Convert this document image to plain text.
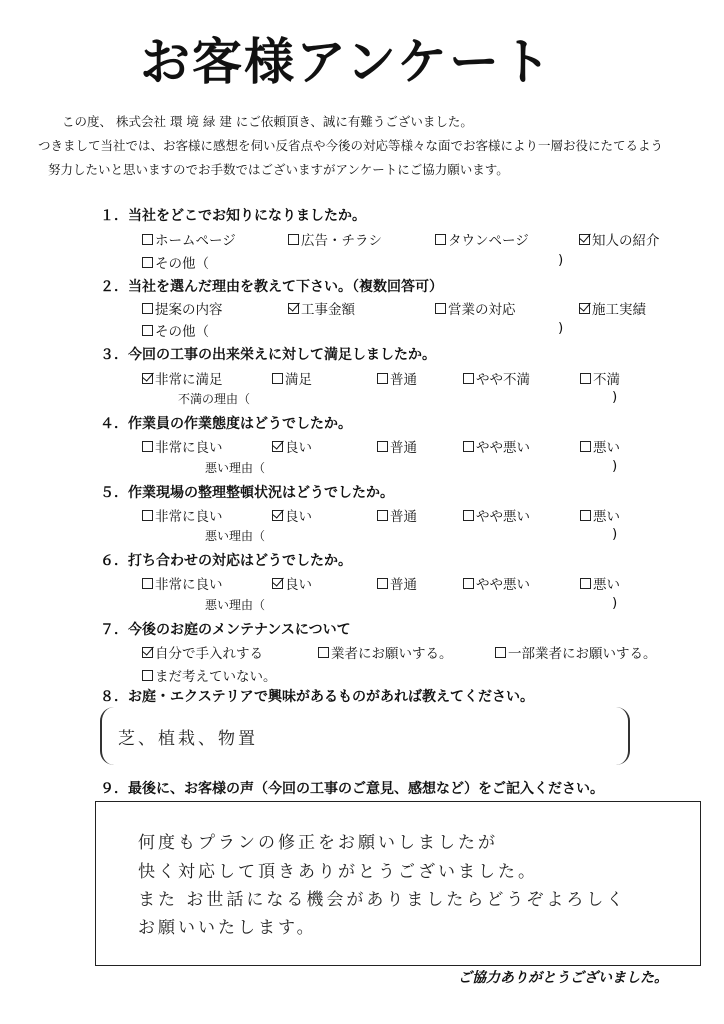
お客様アンケート
この度、 株式会社 環 境 緑 建 にご依頼頂き、誠に有難うございました。
つきまして当社では、お客様に感想を伺い反省点や今後の対応等様々な面でお客様により一層お役にたてるよう
努力したいと思いますのでお手数ではございますがアンケートにご協力願います。
１．当社をどこでお知りになりましたか。
ホームページ	広告・チラシ	タウンページ	知人の紹介
その他（	)
２．当社を選んだ理由を教えて下さい。（複数回答可）
提案の内容	工事金額	営業の対応	施工実績
その他（	)
３．今回の工事の出来栄えに対して満足しましたか。
非常に満足	満足	普通	やや不満	不満
不満の理由（	)
４．作業員の作業態度はどうでしたか。
非常に良い	良い	普通	やや悪い	悪い
悪い理由（	)
５．作業現場の整理整頓状況はどうでしたか。
非常に良い	良い	普通	やや悪い	悪い
悪い理由（	)
６．打ち合わせの対応はどうでしたか。
非常に良い	良い	普通	やや悪い	悪い
悪い理由（	)
７．今後のお庭のメンテナンスについて
自分で手入れする	業者にお願いする。	一部業者にお願いする。
まだ考えていない。
８．お庭・エクステリアで興味があるものがあれば教えてください。
芝、植栽、物置
９．最後に、お客様の声（今回の工事のご意見、感想など）をご記入ください。
何度もプランの修正をお願いしましたが
快く対応して頂きありがとうございました。
また お世話になる機会がありましたらどうぞよろしく
お願いいたします。
ご協力ありがとうございました。
